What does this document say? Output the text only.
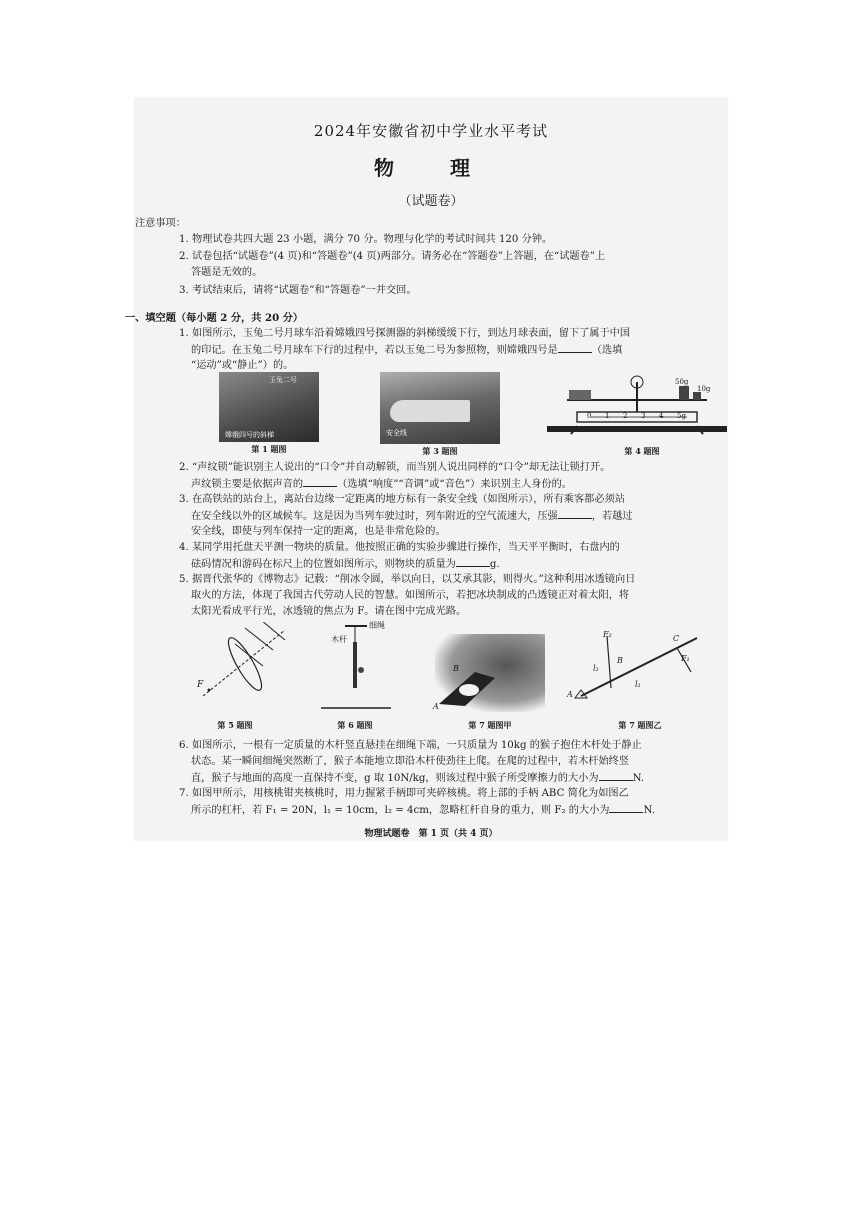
2024年安徽省初中学业水平考试
物　理
（试题卷）
注意事项：
1. 物理试卷共四大题 23 小题，满分 70 分。物理与化学的考试时间共 120 分钟。
2. 试卷包括“试题卷”(4 页)和“答题卷”(4 页)两部分。请务必在“答题卷”上答题，在“试题卷”上
答题是无效的。
3. 考试结束后，请将“试题卷”和“答题卷”一并交回。
一、填空题（每小题 2 分，共 20 分）
1. 如图所示，玉兔二号月球车沿着嫦娥四号探测器的斜梯缓缓下行，到达月球表面，留下了属于中国
的印记。在玉兔二号月球车下行的过程中，若以玉兔二号为参照物，则嫦娥四号是	（选填
“运动”或“静止”）的。
玉兔二号
嫦娥四号的斜梯
第 1 题图
安全线
第 3 题图
50g
10g
0 1 2 3 4 5g
第 4 题图
2. “声纹锁”能识别主人说出的“口令”并自动解锁，而当别人说出同样的“口令”却无法让锁打开。
声纹锁主要是依据声音的	（选填“响度”“音调”或“音色”）来识别主人身份的。
3. 在高铁站的站台上，离站台边缘一定距离的地方标有一条安全线（如图所示），所有乘客都必须站
在安全线以外的区域候车。这是因为当列车驶过时，列车附近的空气流速大，压强	，若越过
安全线，即使与列车保持一定的距离，也是非常危险的。
4. 某同学用托盘天平测一物块的质量。他按照正确的实验步骤进行操作，当天平平衡时，右盘内的
砝码情况和游码在标尺上的位置如图所示，则物块的质量为	g.
5. 据晋代张华的《博物志》记载：“削冰令圆，举以向日，以艾承其影，则得火。”这种利用冰透镜向日
取火的方法，体现了我国古代劳动人民的智慧。如图所示，若把冰块制成的凸透镜正对着太阳，将
太阳光看成平行光，冰透镜的焦点为 F。请在图中完成光路。
F
第 5 题图
木杆
细绳
第 6 题图
B
A
第 7 题图甲
F₂	C
F₁
l₂
B
l₁
A
第 7 题图乙
6. 如图所示，一根有一定质量的木杆竖直悬挂在细绳下端，一只质量为 10kg 的猴子抱住木杆处于静止
状态。某一瞬间细绳突然断了，猴子本能地立即沿木杆使劲往上爬。在爬的过程中，若木杆始终竖
直，猴子与地面的高度一直保持不变，g 取 10N/kg，则该过程中猴子所受摩擦力的大小为	N.
7. 如图甲所示，用核桃钳夹核桃时，用力握紧手柄即可夹碎核桃。将上部的手柄 ABC 简化为如图乙
所示的杠杆，若 F₁ = 20N，l₁ = 10cm，l₂ = 4cm，忽略杠杆自身的重力，则 F₂ 的大小为	N.
物理试题卷　第 1 页（共 4 页）
